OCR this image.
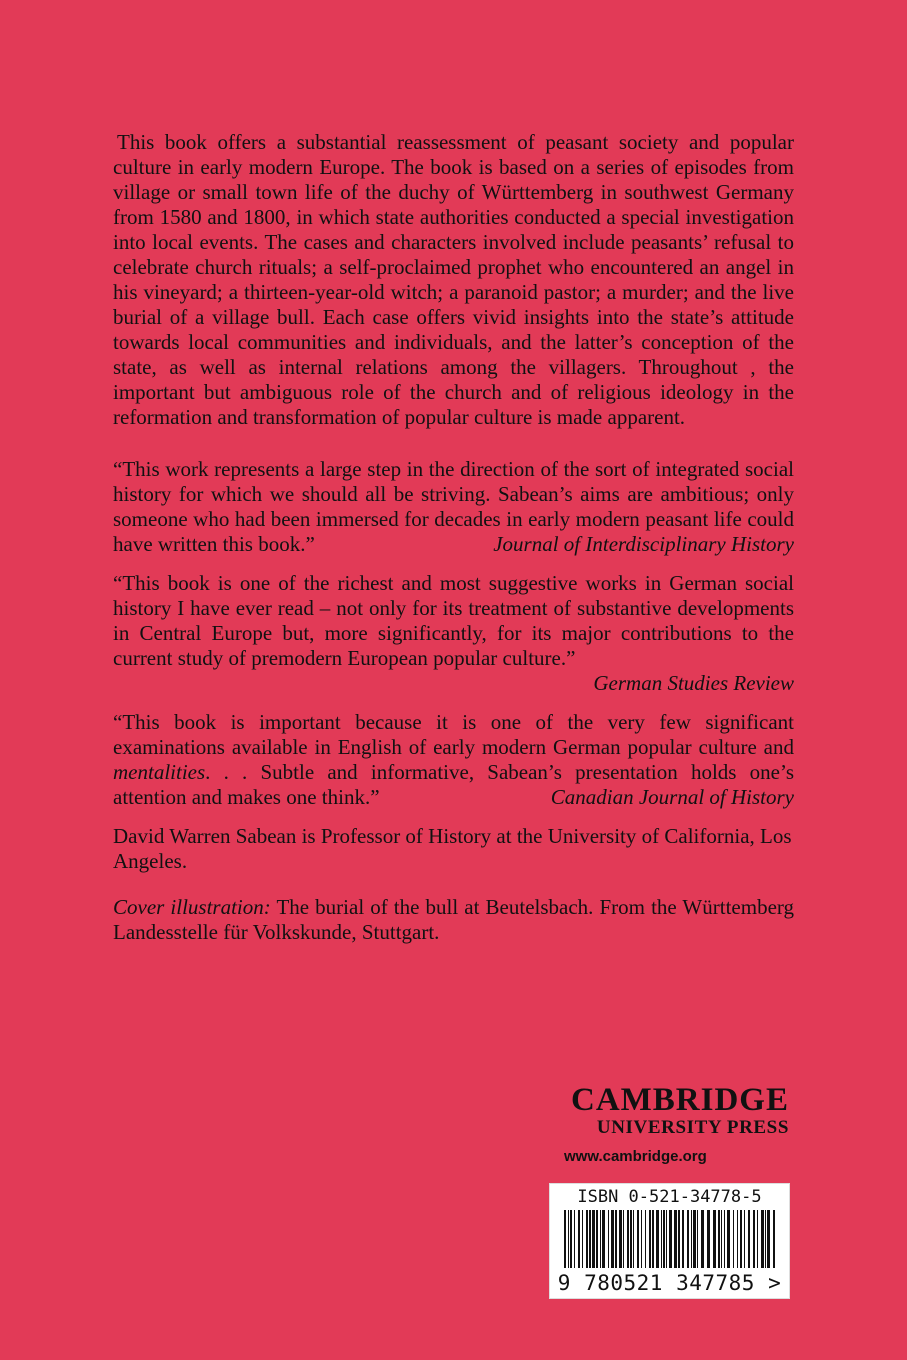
This book offers a substantial reassessment of peasant society and popular culture in early modern Europe. The book is based on a series of episodes from village or small town life of the duchy of Württemberg in southwest Germany from 1580 and 1800, in which state authorities conducted a special investigation into local events. The cases and characters involved include peasants’ refusal to celebrate church rituals; a self-proclaimed prophet who encountered an angel in his vineyard; a thirteen-year-old witch; a paranoid pastor; a murder; and the live burial of a village bull. Each case offers vivid insights into the state’s attitude towards local communities and individuals, and the latter’s conception of the state, as well as internal relations among the villagers. Throughout , the important but ambiguous role of the church and of religious ideology in the reformation and transformation of popular culture is made apparent.

“This work represents a large step in the direction of the sort of integrated social history for which we should all be striving. Sabean’s aims are ambitious; only someone who had been immersed for decades in early modern peasant life could have written this book.”	Journal of Interdisciplinary History

“This book is one of the richest and most suggestive works in German social history I have ever read – not only for its treatment of substantive developments in Central Europe but, more significantly, for its major contributions to the current study of premodern European popular culture.”

German Studies Review

“This book is important because it is one of the very few significant examinations available in English of early modern German popular culture and mentalities. . . Subtle and informative, Sabean’s presentation holds one’s attention and makes one think.”	Canadian Journal of History

David Warren Sabean is Professor of History at the University of California, Los Angeles.

Cover illustration: The burial of the bull at Beutelsbach. From the Württemberg Landesstelle für Volkskunde, Stuttgart.

CAMBRIDGE

UNIVERSITY PRESS

www.cambridge.org
ISBN 0-521-34778-5
9 780521 347785 >
